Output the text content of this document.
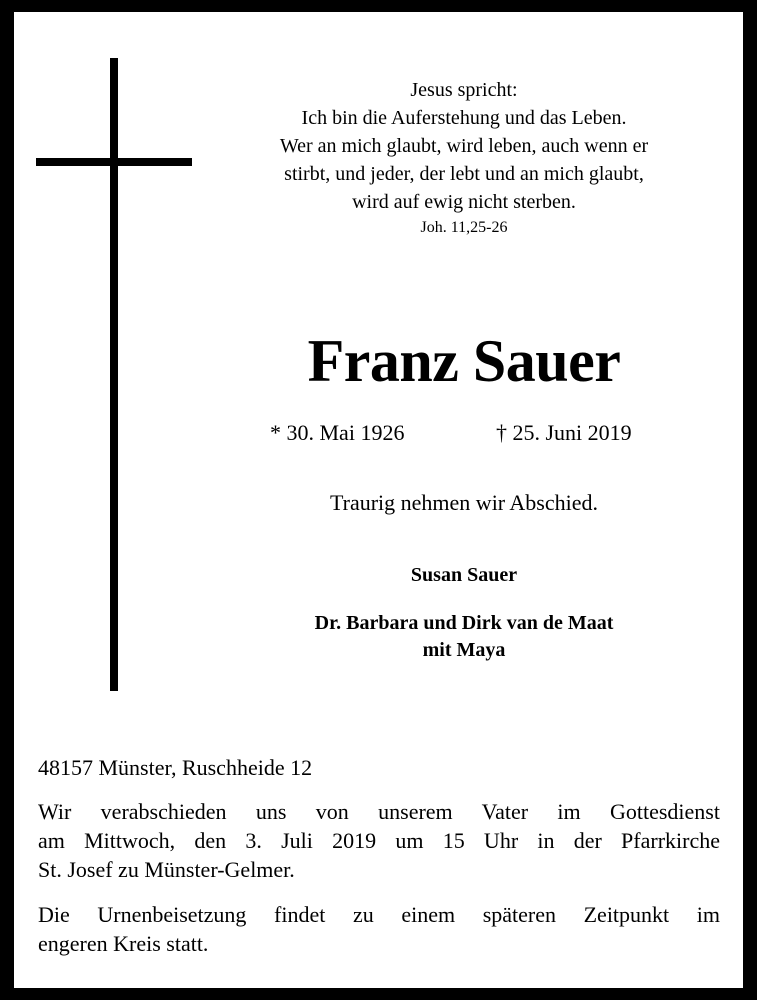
Jesus spricht:
Ich bin die Auferstehung und das Leben.
Wer an mich glaubt, wird leben, auch wenn er
stirbt, und jeder, der lebt und an mich glaubt,
wird auf ewig nicht sterben.
Joh. 11,25-26
Franz Sauer
* 30. Mai 1926	† 25. Juni 2019
Traurig nehmen wir Abschied.
Susan Sauer
Dr. Barbara und Dirk van de Maat
mit Maya
48157 Münster, Ruschheide 12
Wir verabschieden uns von unserem Vater im Gottesdienst
am Mittwoch, den 3. Juli 2019 um 15 Uhr in der Pfarrkirche
St. Josef zu Münster-Gelmer.
Die Urnenbeisetzung findet zu einem späteren Zeitpunkt im
engeren Kreis statt.
